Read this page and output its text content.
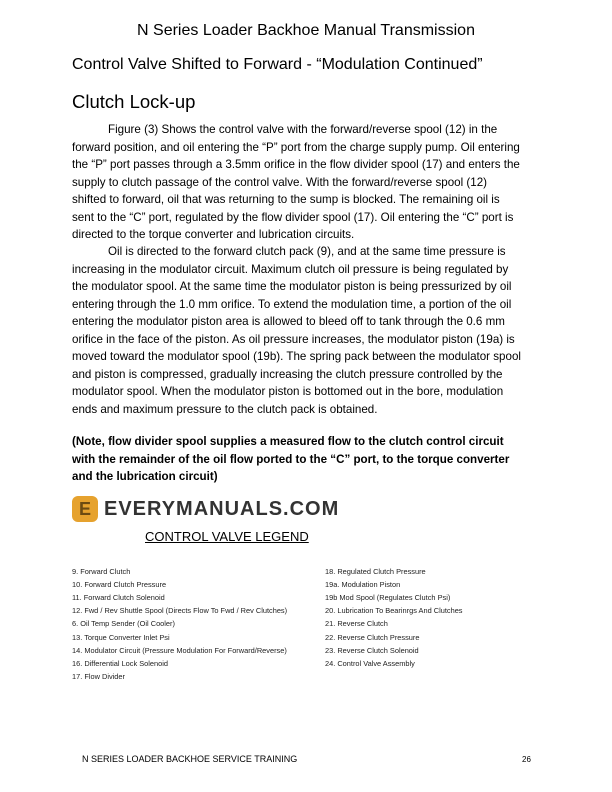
N Series Loader Backhoe Manual Transmission
Control Valve Shifted to Forward - “Modulation Continued”
Clutch Lock-up
Figure (3) Shows the control valve with the forward/reverse spool (12) in the
forward position, and oil entering the “P” port from the charge supply pump. Oil entering
the “P” port passes through a 3.5mm orifice in the flow divider spool (17) and enters the
supply to clutch passage of the control valve. With the forward/reverse spool (12)
shifted to forward, oil that was returning to the sump is blocked. The remaining oil is
sent to the “C” port, regulated by the flow divider spool (17). Oil entering the “C” port is
directed to the torque converter and lubrication circuits.
Oil is directed to the forward clutch pack (9), and at the same time pressure is
increasing in the modulator circuit. Maximum clutch oil pressure is being regulated by
the modulator spool. At the same time the modulator piston is being pressurized by oil
entering through the 1.0 mm orifice. To extend the modulation time, a portion of the oil
entering the modulator piston area is allowed to bleed off to tank through the 0.6 mm
orifice in the face of the piston. As oil pressure increases, the modulator piston (19a) is
moved toward the modulator spool (19b). The spring pack between the modulator spool
and piston is compressed, gradually increasing the clutch pressure controlled by the
modulator spool. When the modulator piston is bottomed out in the bore, modulation
ends and maximum pressure to the clutch pack is obtained.
(Note, flow divider spool supplies a measured flow to the clutch control circuit
with the remainder of the oil flow ported to the “C” port, to the torque converter
and the lubrication circuit)
E EVERYMANUALS.COM
CONTROL VALVE LEGEND
9. Forward Clutch
10. Forward Clutch Pressure
11. Forward Clutch Solenoid
12. Fwd / Rev Shuttle Spool (Directs Flow To Fwd / Rev Clutches)
6. Oil Temp Sender (Oil Cooler)
13. Torque Converter Inlet Psi
14. Modulator Circuit (Pressure Modulation For Forward/Reverse)
16. Differential Lock Solenoid
17. Flow Divider
18. Regulated Clutch Pressure
19a. Modulation Piston
19b Mod Spool (Regulates Clutch Psi)
20. Lubrication To Bearinrgs And Clutches
21. Reverse Clutch
22. Reverse Clutch Pressure
23. Reverse Clutch Solenoid
24. Control Valve Assembly
N SERIES LOADER BACKHOE SERVICE TRAINING	26
